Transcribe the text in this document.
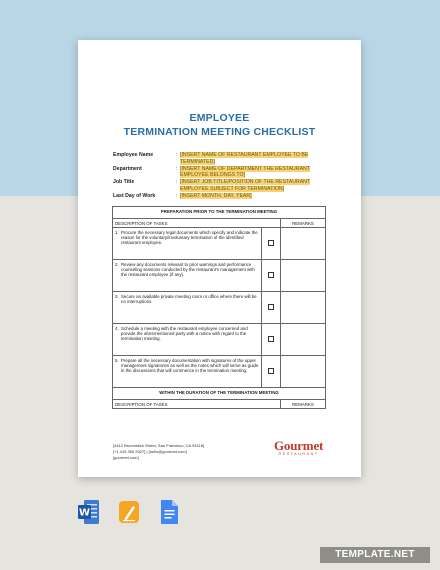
EMPLOYEE
TERMINATION MEETING CHECKLIST
Employee Name	: [INSERT NAME OF RESTAURANT EMPLOYEE TO BE TERMINATED]
Department	: [INSERT NAME OF DEPARTMENT THE RESTAURANT EMPLOYEE BELONGS TO]
Job Title	: [INSERT JOB TITLE/POSITION OF THE RESTAURANT EMPLOYEE SUBJECT FOR TERMINATION]
Last Day of Work	: [INSERT MONTH, DAY, YEAR]
PREPARATION PRIOR TO THE TERMINATION MEETING		
DESCRIPTION OF TASKS		REMARKS
1. Procure the necessary legal documents which specify and indicate the reason for the voluntary/involuntary termination of the identified restaurant employee.		
2. Review any documents relevant to prior warnings and performance counseling sessions conducted by the restaurant's management with the restaurant employee (if any).		
3. Secure an available private meeting room or office where there will be no interruptions.		
4. Schedule a meeting with the restaurant employee concerned and provide the aforementioned party with a notice with regard to the termination meeting.		
5. Prepare all the necessary documentation with signatures of the upper management signatories as well as the notes which will serve as guide in the discussions that will commence in the termination meeting.		
WITHIN THE DURATION OF THE TERMINATION MEETING		
DESCRIPTION OF TASKS		REMARKS
[4412 Broomstick Street, San Francisco, CA 94118]
[+1 415 350 5327] | [hello@gourmet.com]
[gourmet.com]
Gourmet
RESTAURANT
W
TEMPLATE.NET
